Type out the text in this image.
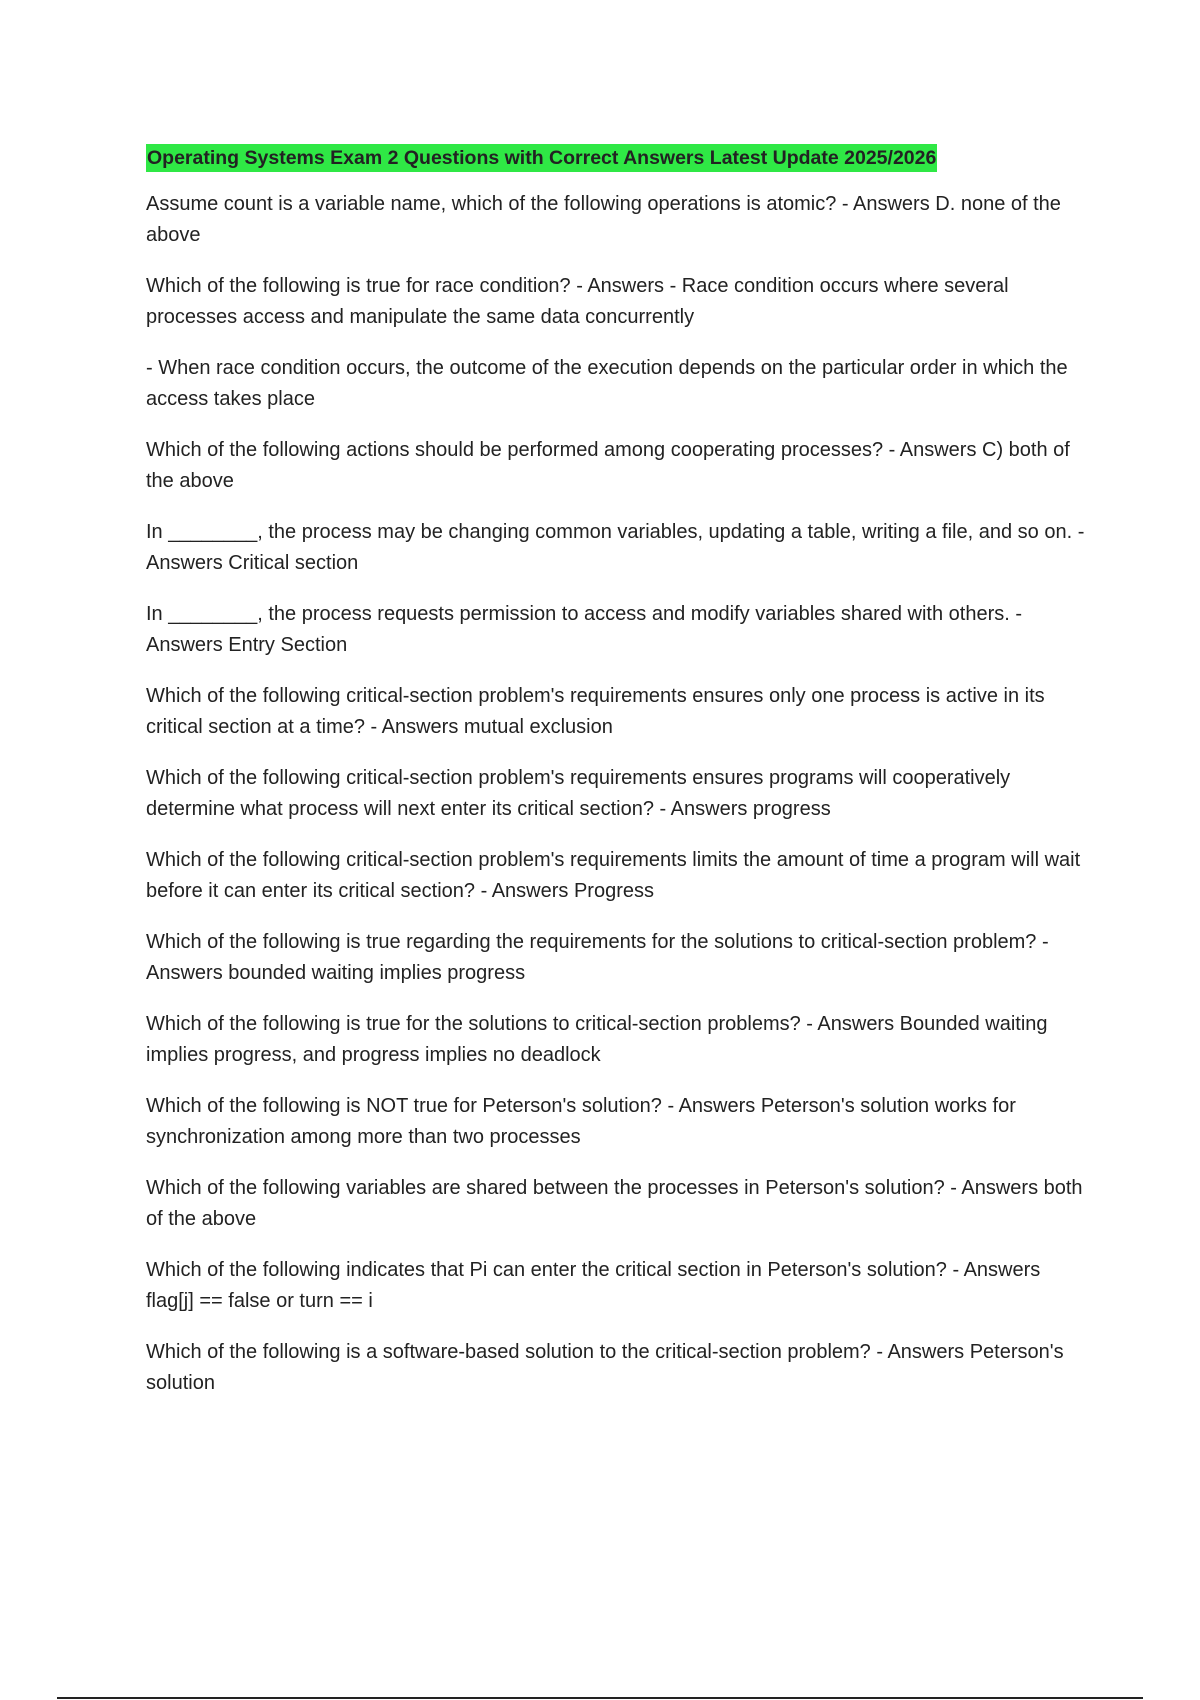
Operating Systems Exam 2 Questions with Correct Answers Latest Update 2025/2026

Assume count is a variable name, which of the following operations is atomic? - Answers D. none of the above

Which of the following is true for race condition? - Answers - Race condition occurs where several processes access and manipulate the same data concurrently

- When race condition occurs, the outcome of the execution depends on the particular order in which the access takes place

Which of the following actions should be performed among cooperating processes? - Answers C) both of the above

In ________, the process may be changing common variables, updating a table, writing a file, and so on. - Answers Critical section

In ________, the process requests permission to access and modify variables shared with others. - Answers Entry Section

Which of the following critical-section problem's requirements ensures only one process is active in its critical section at a time? - Answers mutual exclusion

Which of the following critical-section problem's requirements ensures programs will cooperatively determine what process will next enter its critical section? - Answers progress

Which of the following critical-section problem's requirements limits the amount of time a program will wait before it can enter its critical section? - Answers Progress

Which of the following is true regarding the requirements for the solutions to critical-section problem? - Answers bounded waiting implies progress

Which of the following is true for the solutions to critical-section problems? - Answers Bounded waiting implies progress, and progress implies no deadlock

Which of the following is NOT true for Peterson's solution? - Answers Peterson's solution works for synchronization among more than two processes

Which of the following variables are shared between the processes in Peterson's solution? - Answers both of the above

Which of the following indicates that Pi can enter the critical section in Peterson's solution? - Answers flag[j] == false or turn == i

Which of the following is a software-based solution to the critical-section problem? - Answers Peterson's solution
